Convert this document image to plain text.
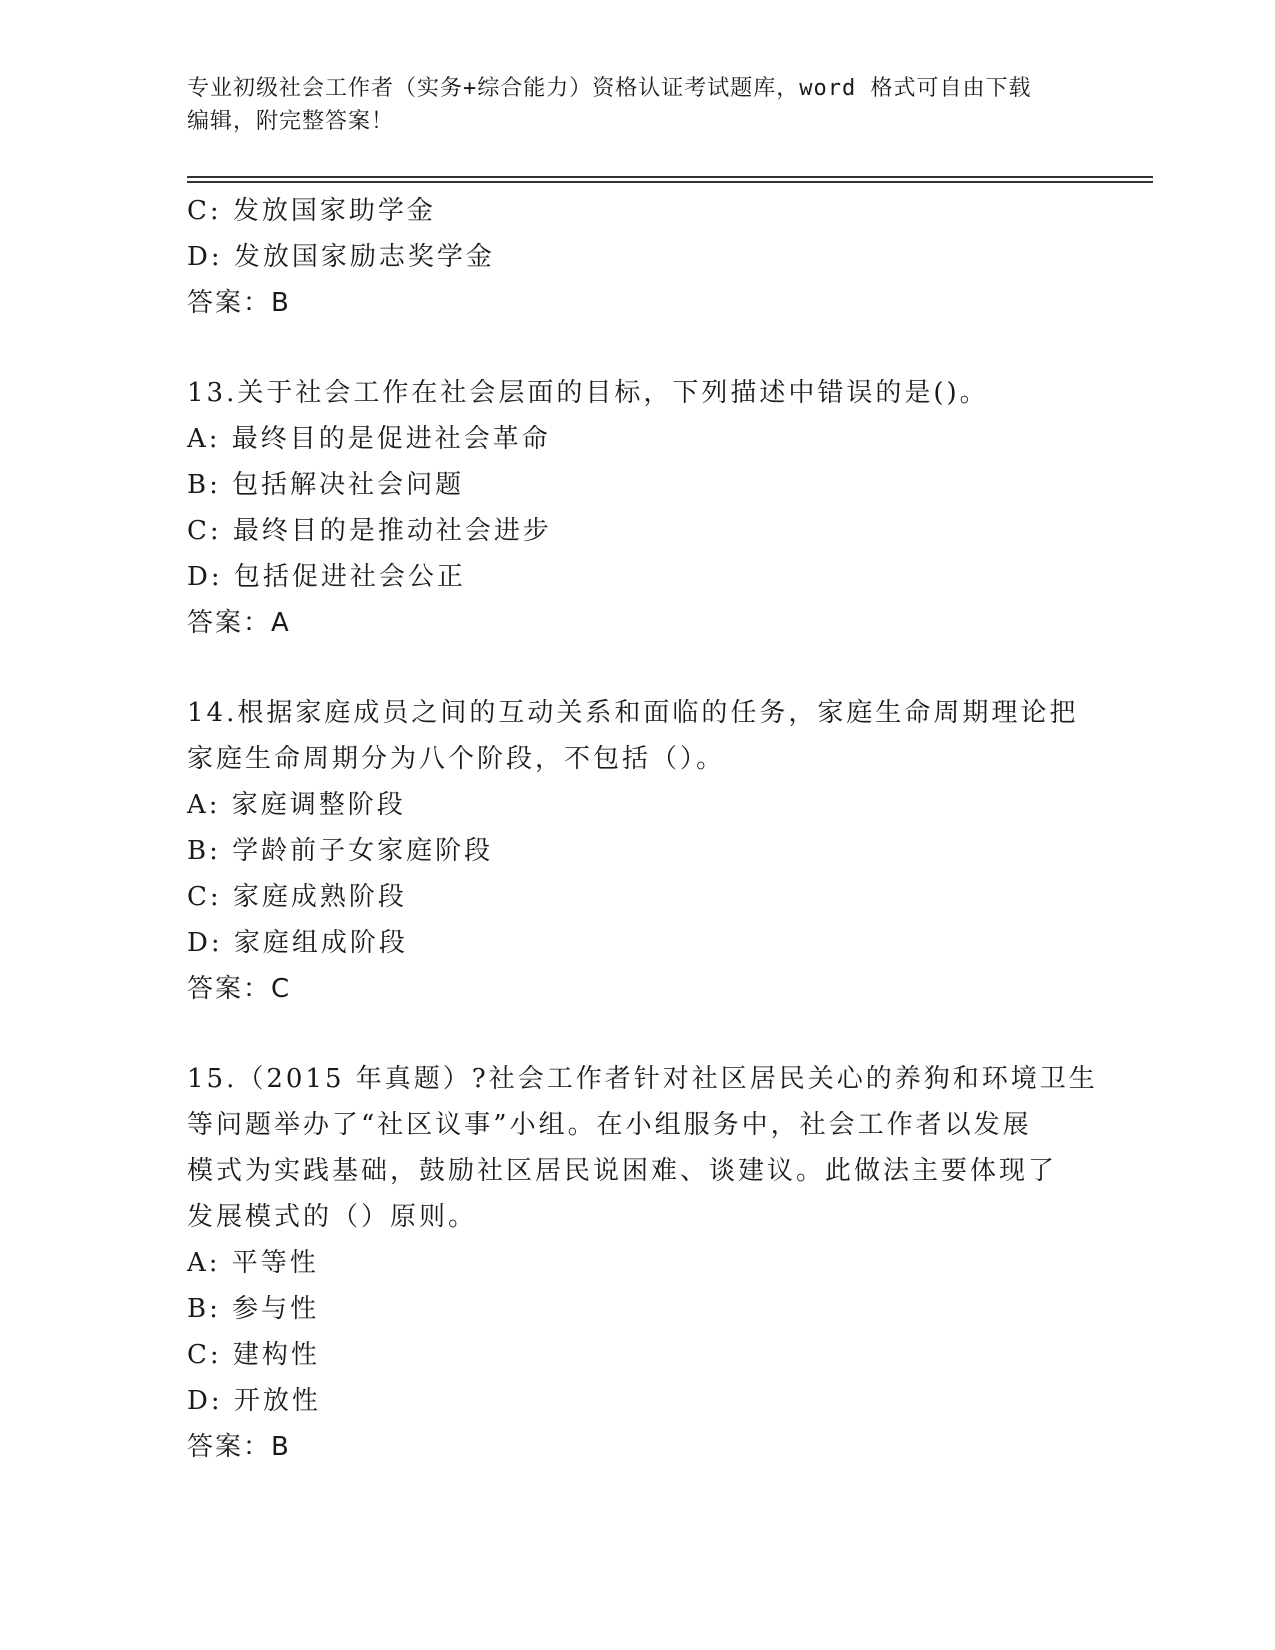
专业初级社会工作者（实务+综合能力）资格认证考试题库，word 格式可自由下载
编辑，附完整答案！
C: 发放国家助学金
D: 发放国家励志奖学金
答案：B
13.关于社会工作在社会层面的目标，下列描述中错误的是()。
A: 最终目的是促进社会革命
B: 包括解决社会问题
C: 最终目的是推动社会进步
D: 包括促进社会公正
答案：A
14.根据家庭成员之间的互动关系和面临的任务，家庭生命周期理论把
家庭生命周期分为八个阶段，不包括（）。
A: 家庭调整阶段
B: 学龄前子女家庭阶段
C: 家庭成熟阶段
D: 家庭组成阶段
答案：C
15.（2015 年真题）?社会工作者针对社区居民关心的养狗和环境卫生
等问题举办了“社区议事”小组。在小组服务中，社会工作者以发展
模式为实践基础，鼓励社区居民说困难、谈建议。此做法主要体现了
发展模式的（）原则。
A: 平等性
B: 参与性
C: 建构性
D: 开放性
答案：B
